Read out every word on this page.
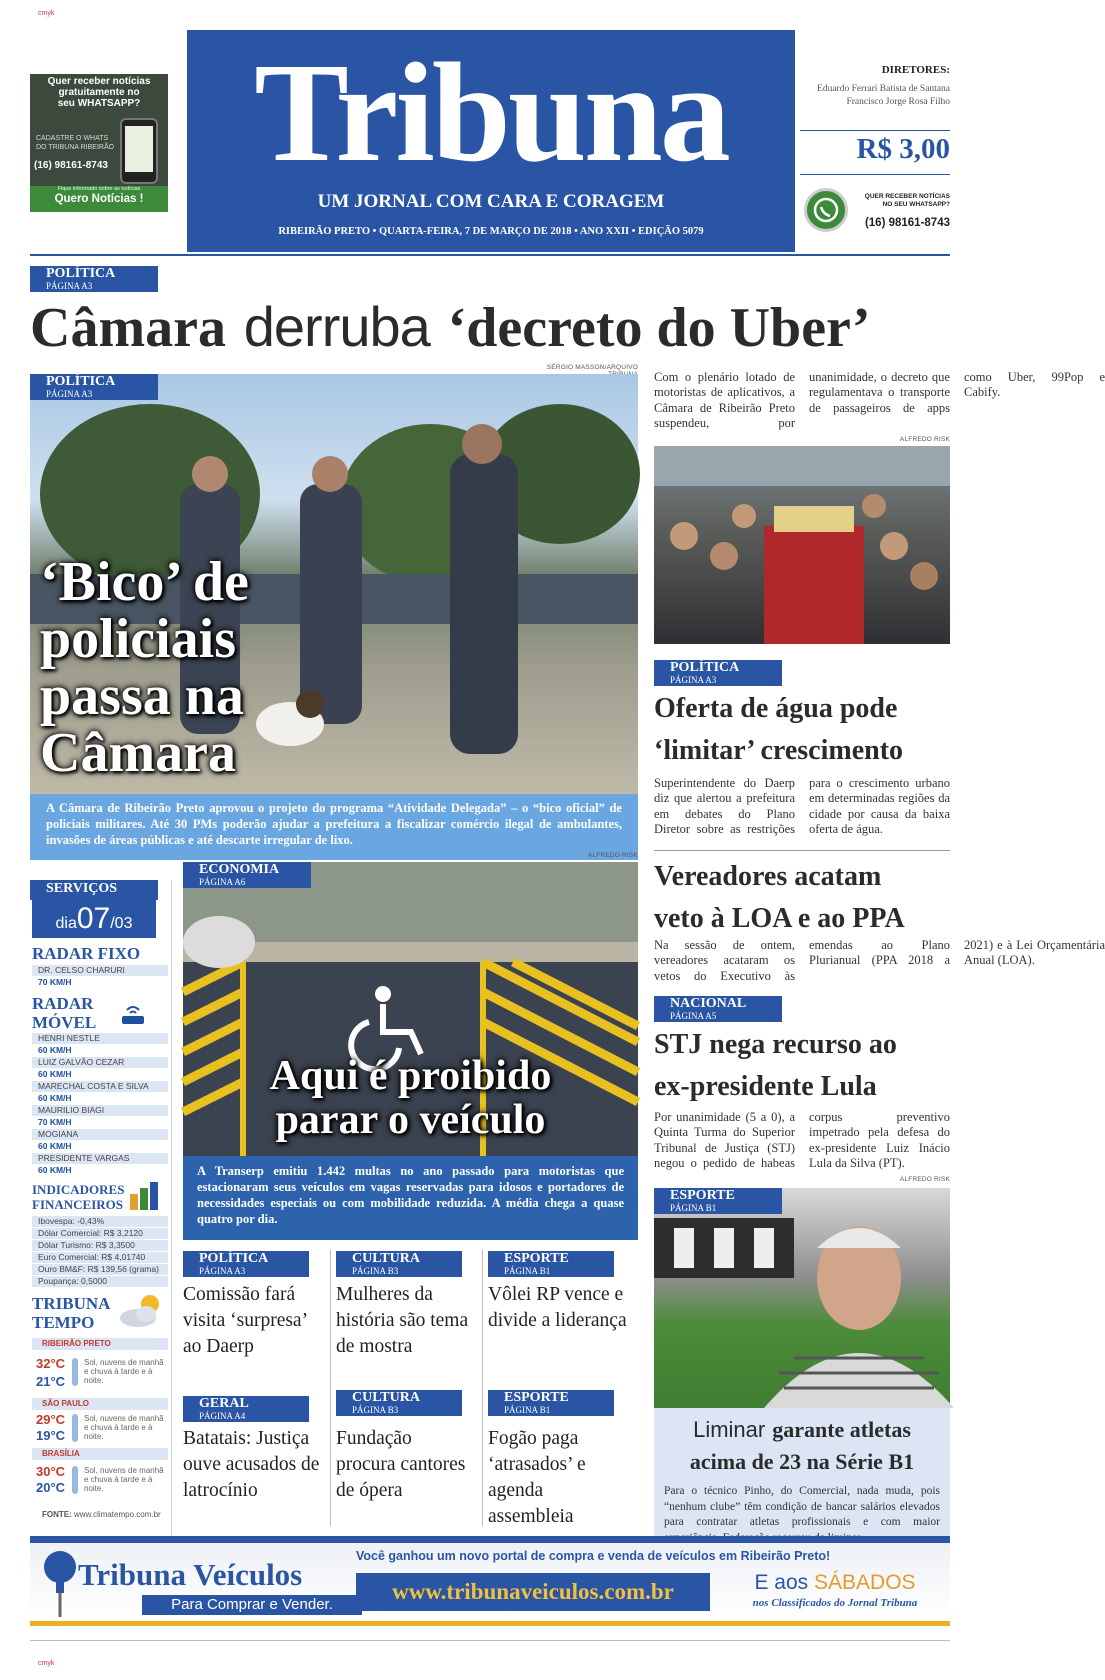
cmyk
cmyk
Quer receber notícias
gratuitamente no
seu WHATSAPP?
CADASTRE O WHATS DO TRIBUNA RIBEIRÃO
(16) 98161-8743
Fique informado sobre as notícias
Quero Notícias !
Tribuna
UM JORNAL COM CARA E CORAGEM
RIBEIRÃO PRETO • QUARTA-FEIRA, 7 DE MARÇO DE 2018 • ANO XXII • EDIÇÃO 5079
DIRETORES:
Eduardo Ferrari Batista de Santana
Francisco Jorge Rosa Filho
R$ 3,00
QUER RECEBER NOTÍCIAS
NO SEU WHATSAPP?
(16) 98161-8743
POLÍTICA
PÁGINA A3
Câmara derruba ‘decreto do Uber’
SÉRGIO MASSON/ARQUIVO
POLÍTICA
PÁGINA A3
‘Bico’ de
policiais
passa na
Câmara
A Câmara de Ribeirão Preto aprovou o projeto do programa “Atividade Delegada” – o “bico oficial” de policiais militares. Até 30 PMs poderão ajudar a prefeitura a fiscalizar comércio ilegal de ambulantes, invasões de áreas públicas e até descarte irregular de lixo.
Com o plenário lotado de motoristas de aplicativos, a Câmara de Ribeirão Preto suspendeu, por unanimidade, o decreto que regulamentava o transporte de passageiros de apps como Uber, 99Pop e Cabify.
ALFREDO RISK
POLÍTICA
PÁGINA A3
Oferta de água pode
‘limitar’ crescimento
Superintendente do Daerp diz que alertou a prefeitura em debates do Plano Diretor sobre as restrições para o crescimento urbano em determinadas regiões da cidade por causa da baixa oferta de água.
Vereadores acatam
veto à LOA e ao PPA
Na sessão de ontem, vereadores acataram os vetos do Executivo às emendas ao Plano Plurianual (PPA 2018 a 2021) e à Lei Orçamentária Anual (LOA).
NACIONAL
PÁGINA A5
STJ nega recurso ao
ex-presidente Lula
Por unanimidade (5 a 0), a Quinta Turma do Superior Tribunal de Justiça (STJ) negou o pedido de habeas corpus preventivo impetrado pela defesa do ex-presidente Luiz Inácio Lula da Silva (PT).
ALFREDO RISK
ESPORTE
PÁGINA B1
Liminar garante atletas
acima de 23 na Série B1
Para o técnico Pinho, do Comercial, nada muda, pois “nenhum clube” têm condição de bancar salários elevados para contratar atletas profissionais e com maior
SERVIÇOS
dia07/03
RADAR FIXO
DR. CELSO CHARURI
70 KM/H
RADAR
MÓVEL
HENRI NESTLE
60 KM/H
LUIZ GALVÃO CEZAR
60 KM/H
MARECHAL COSTA E SILVA
60 KM/H
MAURILIO BIAGI
70 KM/H
MOGIANA
60 KM/H
PRESIDENTE VARGAS
60 KM/H
INDICADORES
FINANCEIROS
Ibovespa: -0,43%
Dólar Comercial: R$ 3,2120
Dólar Turismo: R$ 3,3500
Euro Comercial: R$ 4,01740
Ouro BM&F: R$ 139,56 (grama)
Poupança: 0,5000
TRIBUNA
TEMPO
RIBEIRÃO PRETO
32°C
21°C
Sol, nuvens de manhã e chuva à tarde e à noite.
SÃO PAULO
29°C
19°C
Sol, nuvens de manhã e chuva à tarde e à noite.
BRASÍLIA
30°C
20°C
Sol, nuvens de manhã e chuva à tarde e à noite.
FONTE: www.climatempo.com.br
ALFREDO RISK
ECONOMIA
PÁGINA A6
Aqui é proibido
parar o veículo
A Transerp emitiu 1.442 multas no ano passado para motoristas que estacionaram seus veículos em vagas reservadas para idosos e portadores de necessidades especiais ou com mobilidade reduzida. A média chega a quase quatro por dia.
POLÍTICA
PÁGINA A3
Comissão fará visita ‘surpresa’ ao Daerp
CULTURA
PÁGINA B3
Mulheres da história são tema de mostra
ESPORTE
PÁGINA B1
Vôlei RP vence e divide a liderança
GERAL
PÁGINA A4
Batatais: Justiça ouve acusados de latrocínio
CULTURA
PÁGINA B3
Fundação procura cantores de ópera
ESPORTE
PÁGINA B1
Fogão paga ‘atrasados’ e agenda assembleia
Tribuna Veículos
Para Comprar e Vender.
Você ganhou um novo portal de compra e venda de veículos em Ribeirão Preto!
www.tribunaveiculos.com.br	E aos SÁBADOS
nos Classificados do Jornal Tribuna
